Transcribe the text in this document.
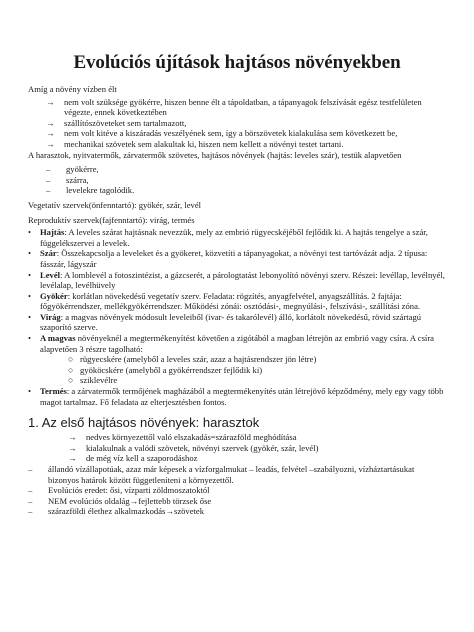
Evolúciós újítások hajtásos növényekben

Amíg a növény vízben élt

→	nem volt szüksége gyökérre, hiszen benne élt a tápoldatban, a tápanyagok felszívását egész testfelületen végezte, ennek következtében
→	szállítószöveteket sem tartalmazott,
→	nem volt kitéve a kiszáradás veszélyének sem, így a börszövetek kialakulása sem következett be,
→	mechanikai szövetek sem alakultak ki, hiszen nem kellett a növényi testet tartani.

A harasztok, nyitvatermők, zárvatermők szövetes, hajtásos növények (hajtás: leveles szár), testük alapvetően

–	gyökérre,
–	szárra,
–	levelekre tagolódik.

Vegetatív szervek(önfenntartó): gyökér, szár, levél

Reproduktív szervek(fajfenntartó): virág, termés

•	Hajtás: A leveles szárat hajtásnak nevezzük, mely az embrió rügyecskéjéből fejlődik ki. A hajtás tengelye a szár, függelékszervei a levelek.
•	Szár: Összekapcsolja a leveleket és a gyökeret, közvetíti a tápanyagokat, a növényi test tartóvázát adja. 2 típusa: fásszár, lágyszár
•	Levél: A lomblevél a fotoszintézist, a gázcserét, a párologtatást lebonyolító növényi szerv. Részei: levéllap, levélnyél, levélalap, levélhüvely
•	Gyökér: korlátlan növekedésű vegetatív szerv. Feladata: rögzítés, anyagfelvétel, anyagszállítás. 2 fajtája: főgyökérrendszer, mellékgyökérrendszer. Működési zónái: osztódási-, megnyúlási-, felszívási-, szállítási zóna.
•	Virág: a magvas növények módosult leveleiből (ivar- és takarólevél) álló, korlátolt növekedésű, rövid szártagú szaporító szerve.
•	A magvas növényeknél a megtermékenyítést követően a zigótából a magban létrejön az embrió vagy csíra. A csíra alapvetően 3 részre tagolható:
○ rügyecskére (amelyből a leveles szár, azaz a hajtásrendszer jön létre)
○ gyököcskére (amelyből a gyökérrendszer fejlődik ki)
○ sziklevélre
•	Termés: a zárvatermők termőjének magházából a megtermékenyítés után létrejövő képződmény, mely egy vagy több magot tartalmaz. Fő feladata az elterjesztésben fontos.
1. Az első hajtásos növények: harasztok
→	nedves környezettől való elszakadás=szárazföld meghódítása
→	kialakulnak a valódi szövetek, növényi szervek (gyökér, szár, levél)
→	de még víz kell a szaporodáshoz
–	állandó vízállapotúak, azaz már képesek a vízforgalmukat – leadás, felvétel –szabályozni, vízháztartásukat bizonyos határok között függetleníteni a környezettől.
–	Evolúciós eredet: ősi, vízparti zöldmoszatoktól
–	NEM evolúciós oldalág→fejlettebb törzsek őse
–	szárazföldi élethez alkalmazkodás→szövetek
